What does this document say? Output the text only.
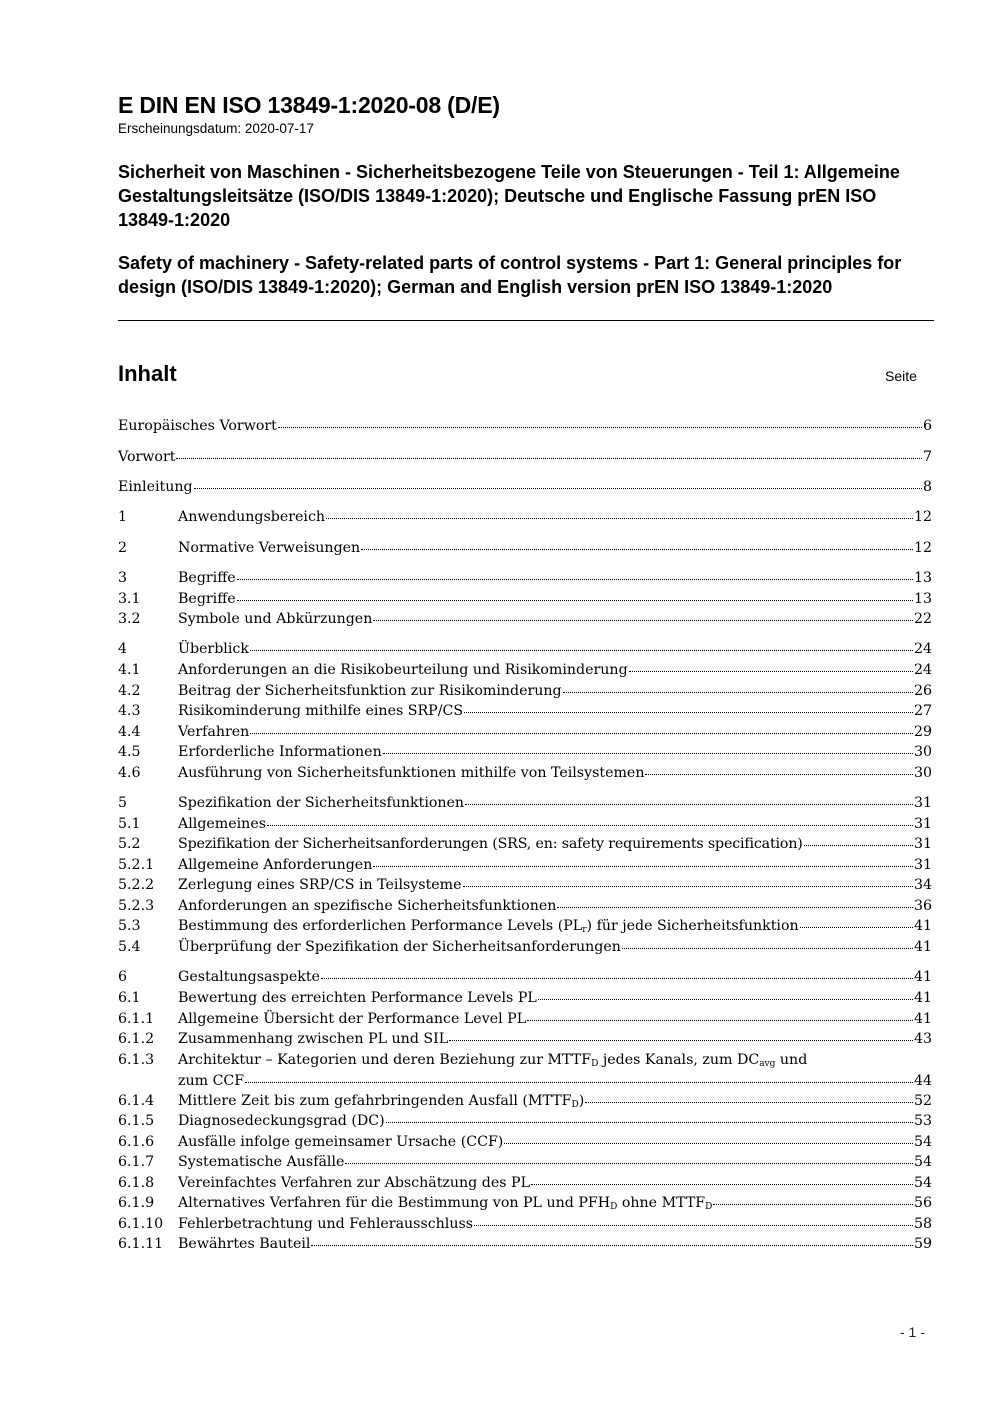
E DIN EN ISO 13849-1:2020-08 (D/E)

Erscheinungsdatum: 2020-07-17

Sicherheit von Maschinen - Sicherheitsbezogene Teile von Steuerungen - Teil 1: Allgemeine Gestaltungsleitsätze (ISO/DIS 13849-1:2020); Deutsche und Englische Fassung prEN ISO 13849-1:2020

Safety of machinery - Safety-related parts of control systems - Part 1: General principles for design (ISO/DIS 13849-1:2020); German and English version prEN ISO 13849-1:2020

Inhalt	Seite

Europäisches Vorwort	6
Vorwort	7
Einleitung	8
1	Anwendungsbereich	12
2	Normative Verweisungen	12
3	Begriffe	13
3.1	Begriffe	13
3.2	Symbole und Abkürzungen	22
4	Überblick	24
4.1	Anforderungen an die Risikobeurteilung und Risikominderung	24
4.2	Beitrag der Sicherheitsfunktion zur Risikominderung	26
4.3	Risikominderung mithilfe eines SRP/CS	27
4.4	Verfahren	29
4.5	Erforderliche Informationen	30
4.6	Ausführung von Sicherheitsfunktionen mithilfe von Teilsystemen	30
5	Spezifikation der Sicherheitsfunktionen	31
5.1	Allgemeines	31
5.2	Spezifikation der Sicherheitsanforderungen (SRS, en: safety requirements specification)	31
5.2.1 Allgemeine Anforderungen	31
5.2.2 Zerlegung eines SRP/CS in Teilsysteme	34
5.2.3 Anforderungen an spezifische Sicherheitsfunktionen	36
5.3	Bestimmung des erforderlichen Performance Levels $(PL_r)$ für jede Sicherheitsfunktion	41
5.4	Überprüfung der Spezifikation der Sicherheitsanforderungen	41
6	Gestaltungsaspekte	41
6.1	Bewertung des erreichten Performance Levels PL	41
6.1.1 Allgemeine Übersicht der Performance Level PL	41
6.1.2 Zusammenhang zwischen PL und SIL	43
6.1.3 Architektur – Kategorien und deren Beziehung zur $MTTF_D$ jedes Kanals, zum $DC_{avg}$ und
zum CCF	44
6.1.4 Mittlere Zeit bis zum gefahrbringenden Ausfall $(MTTF_D)$	52
6.1.5 Diagnosedeckungsgrad (DC)	53
6.1.6 Ausfälle infolge gemeinsamer Ursache (CCF)	54
6.1.7 Systematische Ausfälle	54
6.1.8 Vereinfachtes Verfahren zur Abschätzung des PL	54
6.1.9 Alternatives Verfahren für die Bestimmung von PL und $PFH_D$ ohne $MTTF_D$	56
6.1.10 Fehlerbetrachtung und Fehlerausschluss	58
6.1.11 Bewährtes Bauteil	59

- 1 -
